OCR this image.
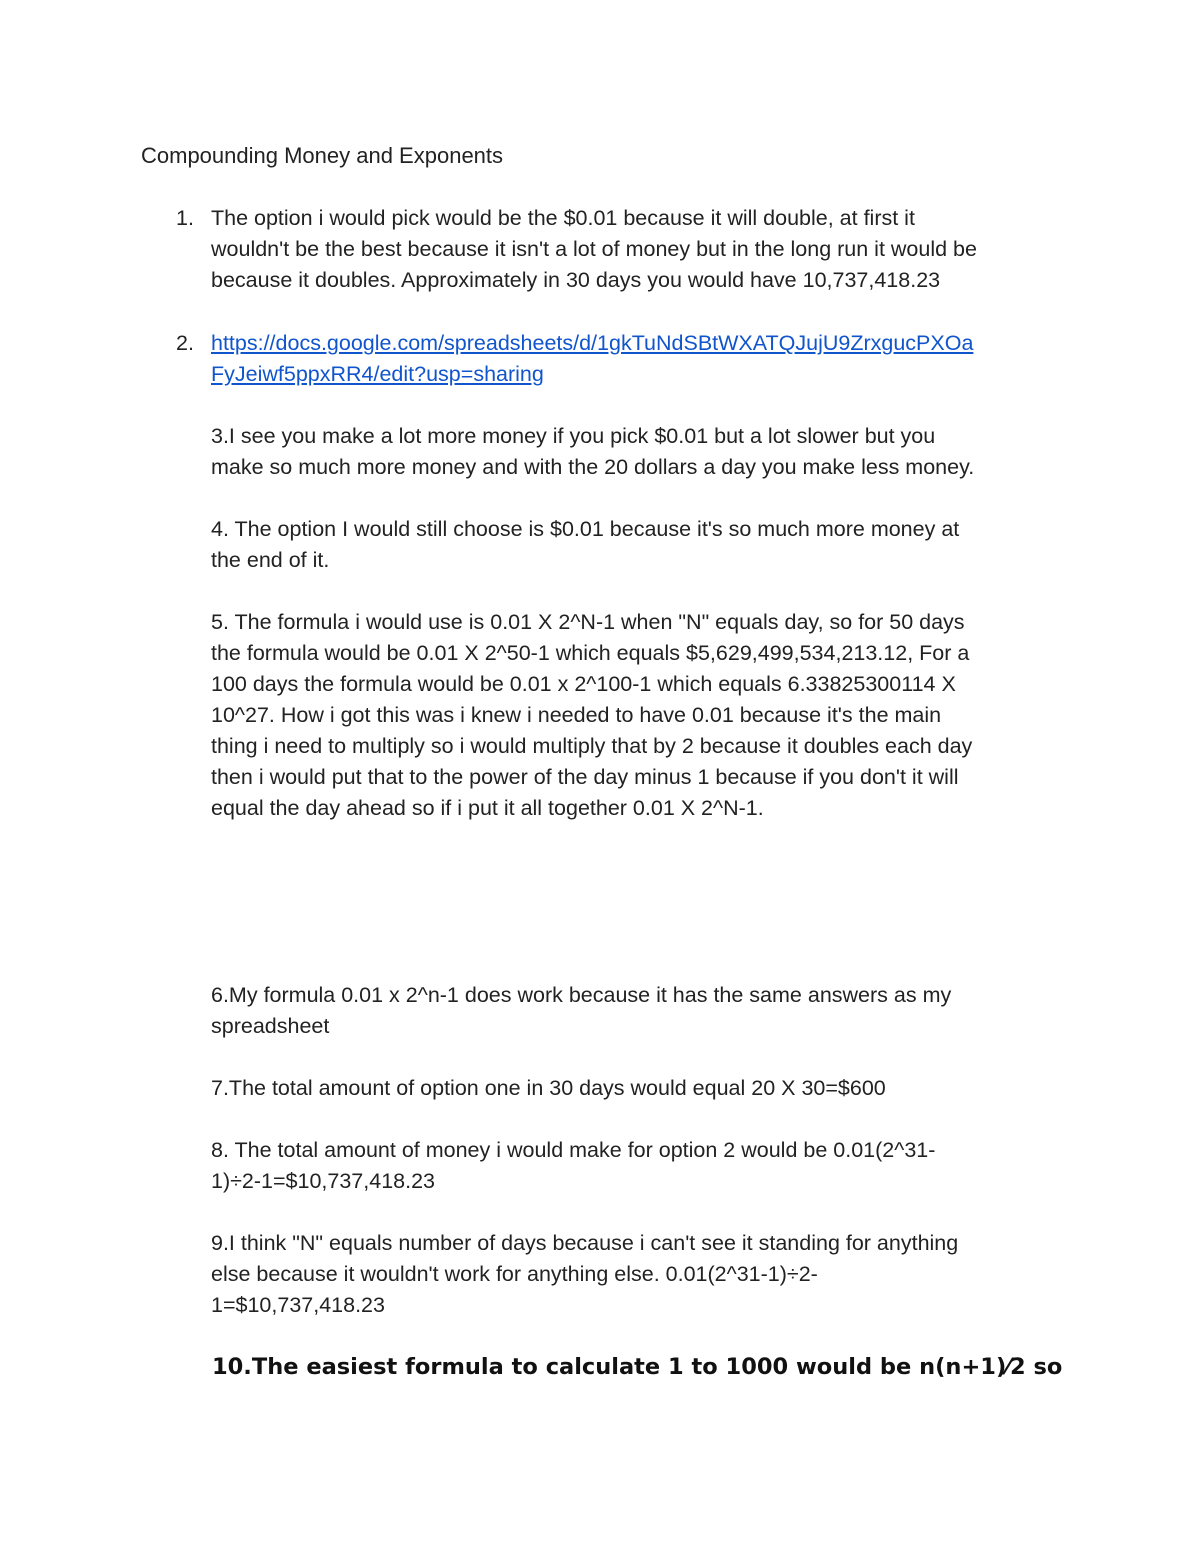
Compounding Money and Exponents
1. The option i would pick would be the $0.01 because it will double, at first it
wouldn't be the best because it isn't a lot of money but in the long run it would be
because it doubles. Approximately in 30 days you would have 10,737,418.23

2. https://docs.google.com/spreadsheets/d/1gkTuNdSBtWXATQJujU9ZrxgucPXOa
FyJeiwf5ppxRR4/edit?usp=sharing

3.I see you make a lot more money if you pick $0.01 but a lot slower but you
make so much more money and with the 20 dollars a day you make less money.

4. The option I would still choose is $0.01 because it's so much more money at
the end of it.

5. The formula i would use is 0.01 X 2^N-1 when "N" equals day, so for 50 days
the formula would be 0.01 X 2^50-1 which equals $5,629,499,534,213.12, For a
100 days the formula would be 0.01 x 2^100-1 which equals 6.33825300114 X
10^27. How i got this was i knew i needed to have 0.01 because it's the main
thing i need to multiply so i would multiply that by 2 because it doubles each day
then i would put that to the power of the day minus 1 because if you don't it will
equal the day ahead so if i put it all together 0.01 X 2^N-1.

6.My formula 0.01 x 2^n-1 does work because it has the same answers as my
spreadsheet

7.The total amount of option one in 30 days would equal 20 X 30=$600

8. The total amount of money i would make for option 2 would be 0.01(2^31-
1)÷2-1=$10,737,418.23

9.I think "N" equals number of days because i can't see it standing for anything
else because it wouldn't work for anything else. 0.01(2^31-1)÷2-
1=$10,737,418.23

10.The easiest formula to calculate 1 to 1000 would be n(n+1)⁄2 so
